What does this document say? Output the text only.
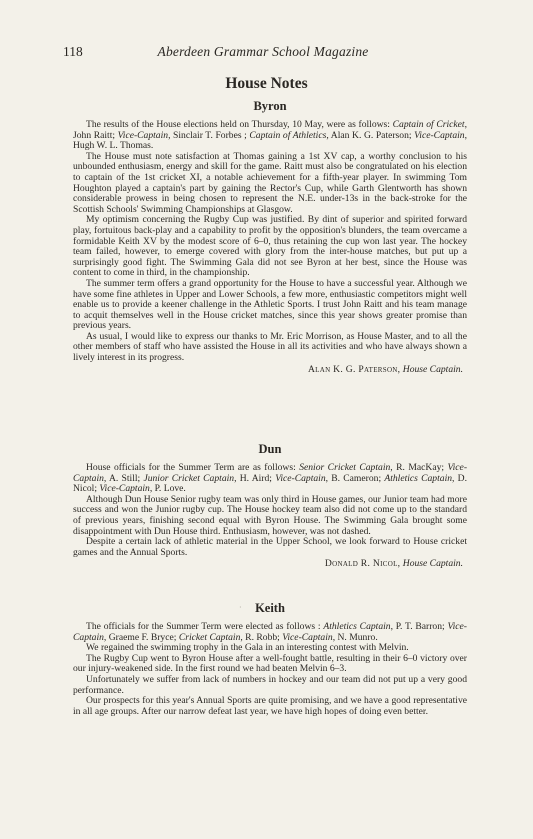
118	Aberdeen Grammar School Magazine
House Notes
Byron

The results of the House elections held on Thursday, 10 May, were as follows: Captain of Cricket, John Raitt; Vice-Captain, Sinclair T. Forbes ; Captain of Athletics, Alan K. G. Paterson; Vice-Captain, Hugh W. L. Thomas.

The House must note satisfaction at Thomas gaining a 1st XV cap, a worthy conclusion to his unbounded enthusiasm, energy and skill for the game. Raitt must also be congratulated on his election to captain of the 1st cricket XI, a notable achievement for a fifth-year player. In swimming Tom Houghton played a captain's part by gaining the Rector's Cup, while Garth Glentworth has shown considerable prowess in being chosen to represent the N.E. under-13s in the back-stroke for the Scottish Schools' Swimming Championships at Glasgow.

My optimism concerning the Rugby Cup was justified. By dint of superior and spirited forward play, fortuitous back-play and a capability to profit by the opposition's blunders, the team overcame a formidable Keith XV by the modest score of 6–0, thus retaining the cup won last year. The hockey team failed, however, to emerge covered with glory from the inter-house matches, but put up a surprisingly good fight. The Swimming Gala did not see Byron at her best, since the House was content to come in third, in the championship.

The summer term offers a grand opportunity for the House to have a successful year. Although we have some fine athletes in Upper and Lower Schools, a few more, enthusiastic competitors might well enable us to provide a keener challenge in the Athletic Sports. I trust John Raitt and his team manage to acquit themselves well in the House cricket matches, since this year shows greater promise than previous years.

As usual, I would like to express our thanks to Mr. Eric Morrison, as House Master, and to all the other members of staff who have assisted the House in all its activities and who have always shown a lively interest in its progress.

Alan K. G. Paterson, House Captain.

Dun

House officials for the Summer Term are as follows: Senior Cricket Captain, R. MacKay; Vice-Captain, A. Still; Junior Cricket Captain, H. Aird; Vice-Captain, B. Cameron; Athletics Captain, D. Nicol; Vice-Captain, P. Love.

Although Dun House Senior rugby team was only third in House games, our Junior team had more success and won the Junior rugby cup. The House hockey team also did not come up to the standard of previous years, finishing second equal with Byron House. The Swimming Gala brought some disappointment with Dun House third. Enthusiasm, however, was not dashed.

Despite a certain lack of athletic material in the Upper School, we look forward to House cricket games and the Annual Sports.

Donald R. Nicol, House Captain.

·	Keith

The officials for the Summer Term were elected as follows : Athletics Captain, P. T. Barron; Vice-Captain, Graeme F. Bryce; Cricket Captain, R. Robb; Vice-Captain, N. Munro.

We regained the swimming trophy in the Gala in an interesting contest with Melvin.

The Rugby Cup went to Byron House after a well-fought battle, resulting in their 6–0 victory over our injury-weakened side. In the first round we had beaten Melvin 6–3.

Unfortunately we suffer from lack of numbers in hockey and our team did not put up a very good performance.

Our prospects for this year's Annual Sports are quite promising, and we have a good representative in all age groups. After our narrow defeat last year, we have high hopes of doing even better.
